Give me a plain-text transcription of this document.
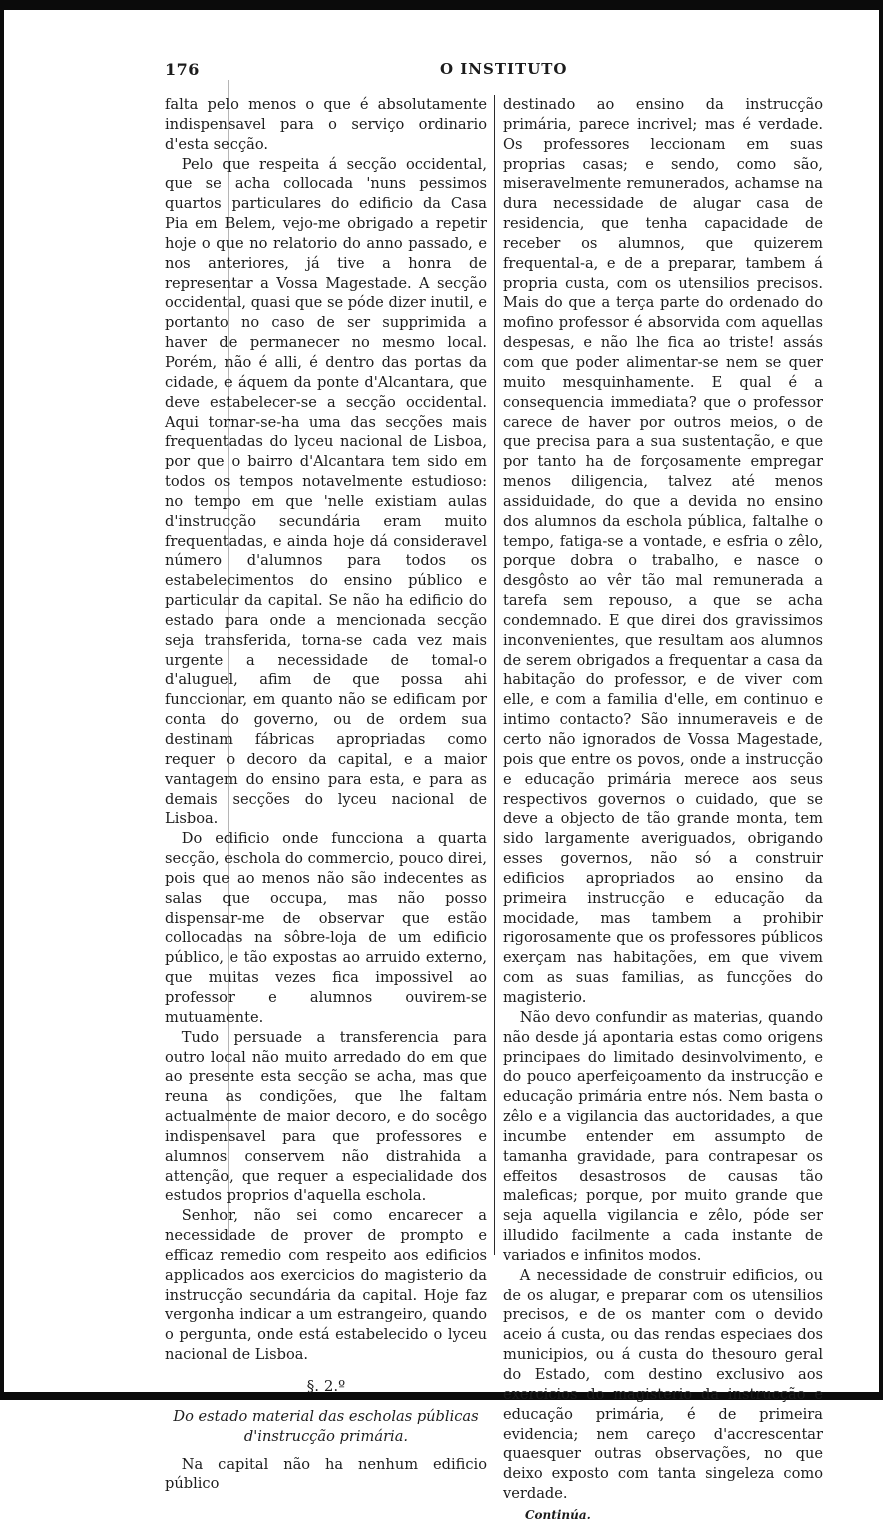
176	O INSTITUTO

falta pelo menos o que é absolutamente indispensavel para o serviço ordinario d'esta secção.

Pelo que respeita á secção occidental, que se acha collocada 'nuns pessimos quartos particulares do edificio da Casa Pia em Belem, vejo-me obrigado a repetir hoje o que no relatorio do anno passado, e nos anteriores, já tive a honra de representar a Vossa Magestade. A secção occidental, quasi que se póde dizer inutil, e portanto no caso de ser supprimida a haver de permanecer no mesmo local. Porém, não é alli, é dentro das portas da cidade, e áquem da ponte d'Alcantara, que deve estabelecer-se a secção occidental. Aqui tornar-se-ha uma das secções mais frequentadas do lyceu nacional de Lisboa, por que o bairro d'Alcantara tem sido em todos os tempos notavelmente estudioso: no tempo em que 'nelle existiam aulas d'instrucção secundária eram muito frequentadas, e ainda hoje dá consideravel número d'alumnos para todos os estabelecimentos do ensino público e particular da capital. Se não ha edificio do estado para onde a mencionada secção seja transferida, torna-se cada vez mais urgente a necessidade de tomal-o d'aluguel, afim de que possa ahi funccionar, em quanto não se edificam por conta do governo, ou de ordem sua destinam fábricas apropriadas como requer o decoro da capital, e a maior vantagem do ensino para esta, e para as demais secções do lyceu nacional de Lisboa.

Do edificio onde funcciona a quarta secção, eschola do commercio, pouco direi, pois que ao menos não são indecentes as salas que occupa, mas não posso dispensar-me de observar que estão collocadas na sôbre-loja de um edificio público, e tão expostas ao arruido externo, que muitas vezes fica impossivel ao professor e alumnos ouvirem-se mutuamente.

Tudo persuade a transferencia para outro local não muito arredado do em que ao presente esta secção se acha, mas que reuna as condições, que lhe faltam actualmente de maior decoro, e do socêgo indispensavel para que professores e alumnos conservem não distrahida a attenção, que requer a especialidade dos estudos proprios d'aquella eschola.

Senhor, não sei como encarecer a necessidade de prover de prompto e efficaz remedio com respeito aos edificios applicados aos exercicios do magisterio da instrucção secundária da capital. Hoje faz vergonha indicar a um estrangeiro, quando o pergunta, onde está estabelecido o lyceu nacional de Lisboa.

§. 2.º

Do estado material das escholas públicas
d'instrucção primária.

Na capital não ha nenhum edificio público

destinado ao ensino da instrucção primária, parece incrivel; mas é verdade. Os professores leccionam em suas proprias casas; e sendo, como são, miseravelmente remunerados, achamse na dura necessidade de alugar casa de residencia, que tenha capacidade de receber os alumnos, que quizerem frequental-a, e de a preparar, tambem á propria custa, com os utensilios precisos. Mais do que a terça parte do ordenado do mofino professor é absorvida com aquellas despesas, e não lhe fica ao triste! assás com que poder alimentar-se nem se quer muito mesquinhamente. E qual é a consequencia immediata? que o professor carece de haver por outros meios, o de que precisa para a sua sustentação, e que por tanto ha de forçosamente empregar menos diligencia, talvez até menos assiduidade, do que a devida no ensino dos alumnos da eschola pública, faltalhe o tempo, fatiga-se a vontade, e esfria o zêlo, porque dobra o trabalho, e nasce o desgôsto ao vêr tão mal remunerada a tarefa sem repouso, a que se acha condemnado. E que direi dos gravissimos inconvenientes, que resultam aos alumnos de serem obrigados a frequentar a casa da habitação do professor, e de viver com elle, e com a familia d'elle, em continuo e intimo contacto? São innumeraveis e de certo não ignorados de Vossa Magestade, pois que entre os povos, onde a instrucção e educação primária merece aos seus respectivos governos o cuidado, que se deve a objecto de tão grande monta, tem sido largamente averiguados, obrigando esses governos, não só a construir edificios apropriados ao ensino da primeira instrucção e educação da mocidade, mas tambem a prohibir rigorosamente que os professores públicos exerçam nas habitações, em que vivem com as suas familias, as funcções do magisterio.

Não devo confundir as materias, quando não desde já apontaria estas como origens principaes do limitado desinvolvimento, e do pouco aperfeiçoamento da instrucção e educação primária entre nós. Nem basta o zêlo e a vigilancia das auctoridades, a que incumbe entender em assumpto de tamanha gravidade, para contrapesar os effeitos desastrosos de causas tão maleficas; porque, por muito grande que seja aquella vigilancia e zêlo, póde ser illudido facilmente a cada instante de variados e infinitos modos.

A necessidade de construir edificios, ou de os alugar, e preparar com os utensilios precisos, e de os manter com o devido aceio á custa, ou das rendas especiaes dos municipios, ou á custa do thesouro geral do Estado, com destino exclusivo aos exercicios do magisterio da instrucção e educação primária, é de primeira evidencia; nem careço d'accrescentar quaesquer outras observações, no que deixo exposto com tanta singeleza como verdade.

Continúa.
